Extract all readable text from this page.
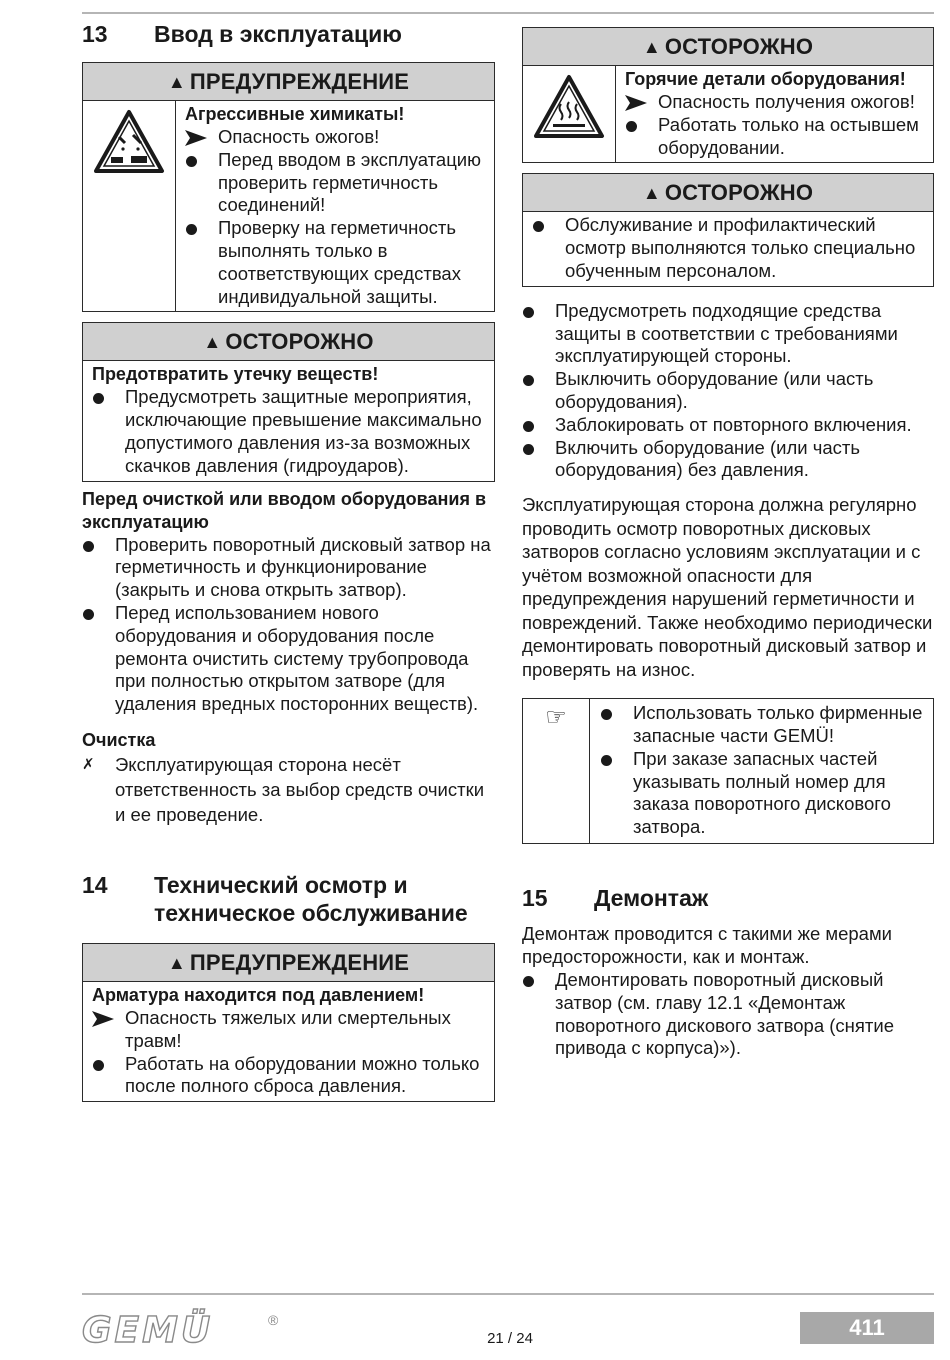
13	Ввод в эксплуатацию
▲ ПРЕДУПРЕЖДЕНИЕ
Агрессивные химикаты!
Опасность ожогов!
Перед вводом в эксплуатацию проверить герметичность соединений!
Проверку на герметичность выполнять только в соответствующих средствах индивидуальной защиты.
▲ ОСТОРОЖНО
Предотвратить утечку веществ!
Предусмотреть защитные мероприятия, исключающие превышение максимально допустимого давления из-за возможных скачков давления (гидроударов).
Перед очисткой или вводом оборудования в эксплуатацию
Проверить поворотный дисковый затвор на герметичность и функционирование (закрыть и снова открыть затвор).
Перед использованием нового оборудования и оборудования после ремонта очистить систему трубопровода при полностью открытом затворе (для удаления вредных посторонних веществ).
Очистка
✗	Эксплуатирующая сторона несёт ответственность за выбор средств очистки и ее проведение.
14	Технический осмотр и техническое обслуживание
▲ ПРЕДУПРЕЖДЕНИЕ
Арматура находится под давлением!
Опасность тяжелых или смертельных травм!
Работать на оборудовании можно только после полного сброса давления.
▲ ОСТОРОЖНО
Горячие детали оборудования!
Опасность получения ожогов!
Работать только на остывшем оборудовании.
▲ ОСТОРОЖНО
Обслуживание и профилактический осмотр выполняются только специально обученным персоналом.
Предусмотреть подходящие средства защиты в соответствии с требованиями эксплуатирующей стороны.
Выключить оборудование (или часть оборудования).
Заблокировать от повторного включения.
Включить оборудование (или часть оборудования) без давления.
Эксплуатирующая сторона должна регулярно проводить осмотр поворотных дисковых затворов согласно условиям эксплуатации и с учётом возможной опасности для предупреждения нарушений герметичности и повреждений. Также необходимо периодически демонтировать поворотный дисковый затвор и проверять на износ.
☞	Использовать только фирменные запасные части GEMÜ!
При заказе запасных частей указывать полный номер для заказа поворотного дискового затвора.
15	Демонтаж
Демонтаж проводится с такими же мерами предосторожности, как и монтаж.
Демонтировать поворотный дисковый затвор (см. главу 12.1 «Демонтаж поворотного дискового затвора (снятие привода с корпуса)»).
GEMÜ	®
21 / 24	411
